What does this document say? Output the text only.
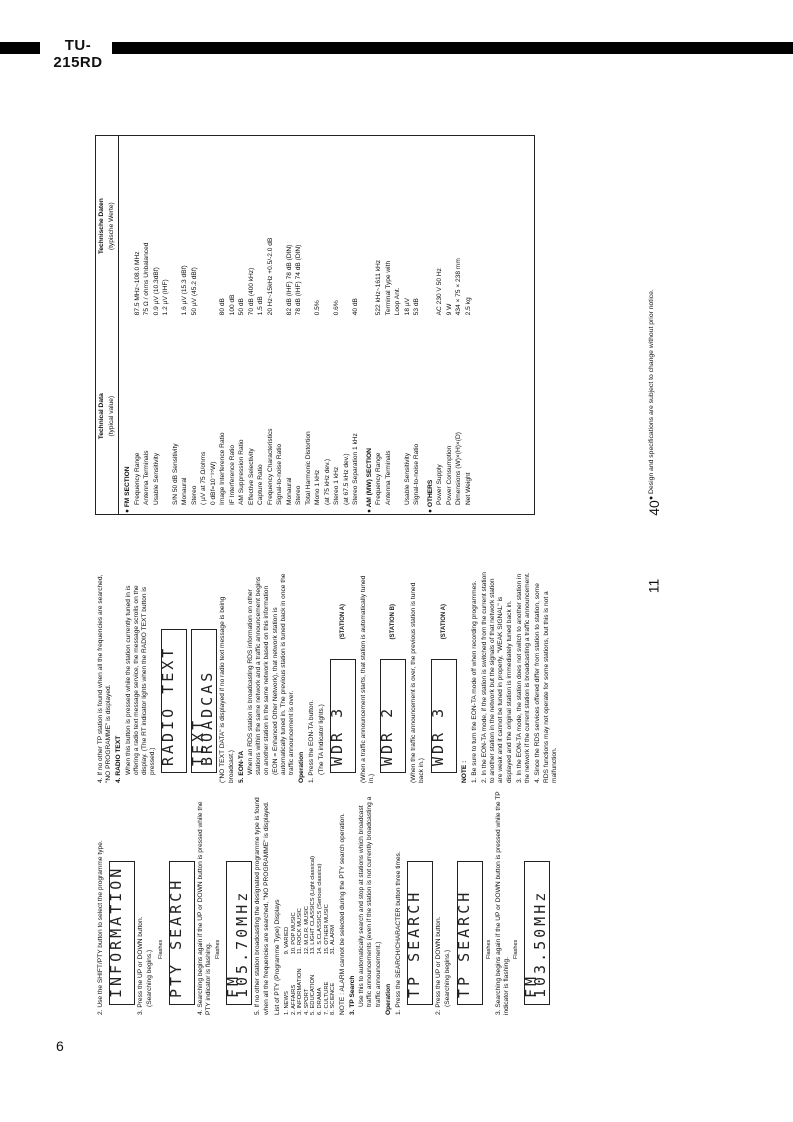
TU-215RD
6
11
40
2. Use the SHIFT/PTY button to select the programme type. INFORMATION	3. Press the UP or DOWN button. (Searching begins.)
Flashes PTY SEARCH	4. Searching begins again if the UP or DOWN button is pressed while the PTY indicator is flashing. Flashes
FM 105.70MHz 5. If no other station broadcasting the designated programme type is found when all the frequencies are searched, "NO PROGRAMME" is displayed. List of PTY (Programme Type) Displays 1. NEWS 2. AFFAIRS 3. INFORMATION 4. SPORT 5. EDUCATION 6. DRAMA 7. CULTURE 8. SCIENCE
9. VARIED 10. POP MUSIC 11. ROCK MUSIC 12. M.O.R. MUSIC 13. LIGHT CLASSICS (Light classical) 14. S.CLASSICS (Serious classics) 15. OTHER MUSIC 31. ALARM NOTE : ALARM cannot be selected during the PTY search operation. 3. TP Search Use this to automatically search and stop at stations which broadcast traffic announcements (even if the station is not currently broadcasting a traffic announcement.) Operation 1. Press the SEARCH/CHARACTER button three times. TP SEARCH	2. Press the UP or DOWN button. (Searching begins.) TP SEARCH	Flashes 3. Searching begins again if the UP or DOWN button is pressed while the TP indicator is flashing.
Flashes
FM 103.50MHz
4. If no other TP station is found when all the frequencies are searched, "NO PROGRAMME" is displayed. 4. RADIO TEXT When this button is pressed while the station currently tuned in is offering a radio text message service, the message scrolls on the display. (The RT indicator lights when the RADIO TEXT button is pressed.) RADIO TEXT TEXT BROADCAS ("NO TEXT DATA" is displayed if no radio text message is being broadcast.) 5. EON-TA When an RDS station is broadcasting RDS information on other stations within the same network and a traffic announcement begins on another station in the same network based on this information (EON = Enhanced Other Network), that network station is automatically tuned in. The previous station is tuned back in once the traffic announcement is over. Operation 1. Press the EON-TA button. (The TA indicator lights.) WDR 3
(STATION A) (When a traffic announcement starts, that station is automatically tuned in.)
WDR 2
(STATION B) (When the traffic announcement is over, the previous station is tuned back in.)
WDR 3
(STATION A)
NOTE : 1. Be sure to turn the EON-TA mode off when recording programmes. 2. In the EON-TA mode, if the station is switched from the current station to another station in the network but the signals of that network station are weak and it cannot be tuned in properly, "WEAK SIGNAL" is displayed and the original station is immediately tuned back in. 3. In the EON-TA mode, the station does not switch to another station in the network if the current station is broadcasting a traffic announcement. 4. Since the RDS services offered differ from station to station, some RDS functions may not operate for some stations, but this is not a malfunction.
Technical Data (typical value)	Technische Daten (typische Werte)
● FM SECTION	
Frequency Range	87.5 MHz~108.0 MHz
Antenna Terminals	75 Ω / ohms Unbalanced
Usable Sensitivity	0.9 µV (10.3dBf)
	1.2 µV (IHF)
S/N 50 dB Sensitivity	
Monaural	1.6 µV (15.3 dBf)
Stereo	50 µV (45.2 dBf)
( µV at 75 Ω/ohms	
0 dBf=10⁻¹⁵W)	
Image Interference Ratio	80 dB
IF Interference Ratio	100 dB
AM Suppression Ratio	50 dB
Effective Selectivity	70 dB (400 kHz)
Capture Ratio	1.5 dB
Frequency Characteristics	20 Hz~15kHz +0.5/-2.0 dB
Signal-to-noise Ratio	
Monaural	82 dB (IHF) 78 dB (DIN)
Stereo	78 dB (IHF) 74 dB (DIN)
Total Harmonic Distortion	
Mono 1 kHz	0.5%
(at 75 kHz dev.)	
Stereo 1 kHz	0.6%
(at 67.5 kHz dev.)	
Stereo Separation 1 kHz	40 dB
● AM (MW) SECTION	
Frequency Range	522 kHz~1611 kHz
Antenna Terminals	Terminal Type with
	Loop Ant.
Usable Sensitivity	18 µV
Signal-to-noise Ratio	53 dB
● OTHERS	
Power Supply	AC 230 V 50 Hz
Power Consumption	9 W
Dimensions (W)×(H)×(D)	434 × 75 × 238 mm
Net Weight	2.5 kg	● Design and specifications are subject to change without prior notice.
